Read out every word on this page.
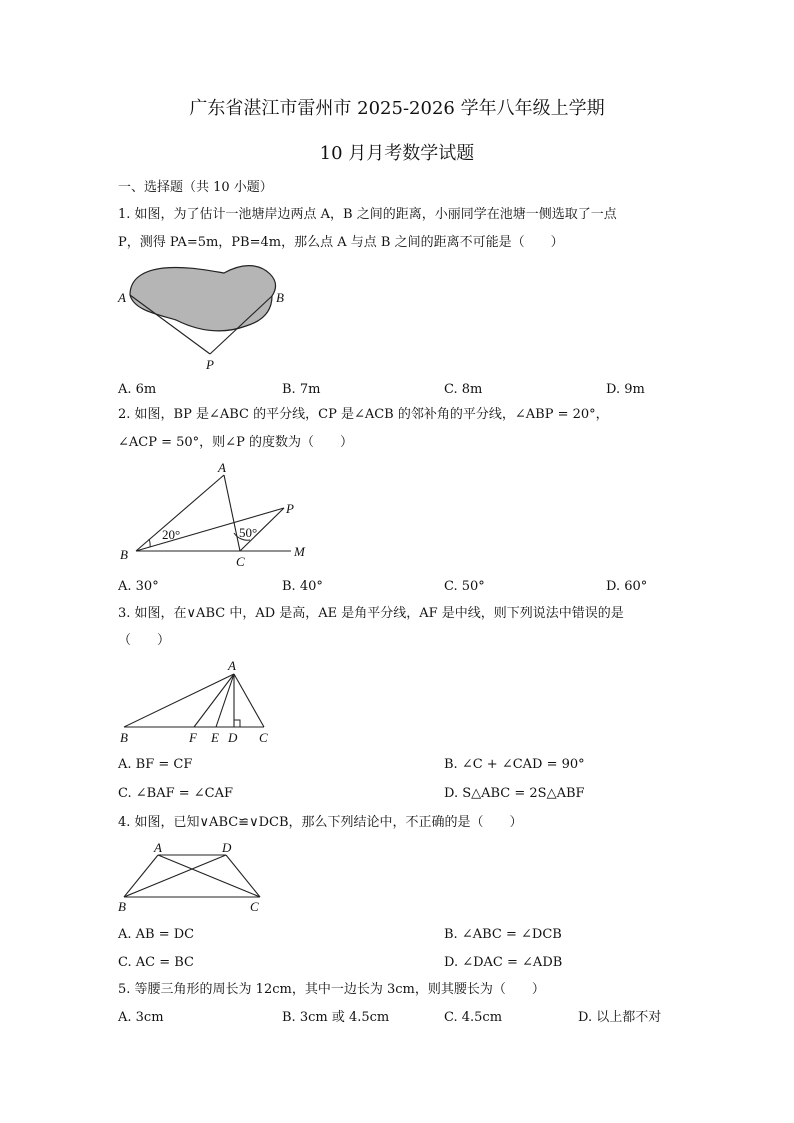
广东省湛江市雷州市 2025-2026 学年八年级上学期
10 月月考数学试题
一、选择题（共 10 小题）
1. 如图，为了估计一池塘岸边两点 A，B 之间的距离，小丽同学在池塘一侧选取了一点
P，测得 PA=5m，PB=4m，那么点 A 与点 B 之间的距离不可能是（　　）
A	B
P
A. 6m	B. 7m	C. 8m	D. 9m
2. 如图，BP 是∠ABC 的平分线，CP 是∠ACB 的邻补角的平分线，∠ABP = 20°，
∠ACP = 50°，则∠P 的度数为（　　）
20°	50°
A
B	C
P
M
A. 30°	B. 40°	C. 50°	D. 60°
3. 如图，在∨ABC 中，AD 是高，AE 是角平分线，AF 是中线，则下列说法中错误的是
（　　）
A
B	F E D C
A. BF = CF	B. ∠C + ∠CAD = 90°
C. ∠BAF = ∠CAF	D. S△ABC = 2S△ABF
4. 如图，已知∨ABC≌∨DCB，那么下列结论中，不正确的是（　　）
A	D
B	C
A. AB = DC	B. ∠ABC = ∠DCB
C. AC = BC	D. ∠DAC = ∠ADB
5. 等腰三角形的周长为 12cm，其中一边长为 3cm，则其腰长为（　　）
A. 3cm	B. 3cm 或 4.5cm	C. 4.5cm	D. 以上都不对
